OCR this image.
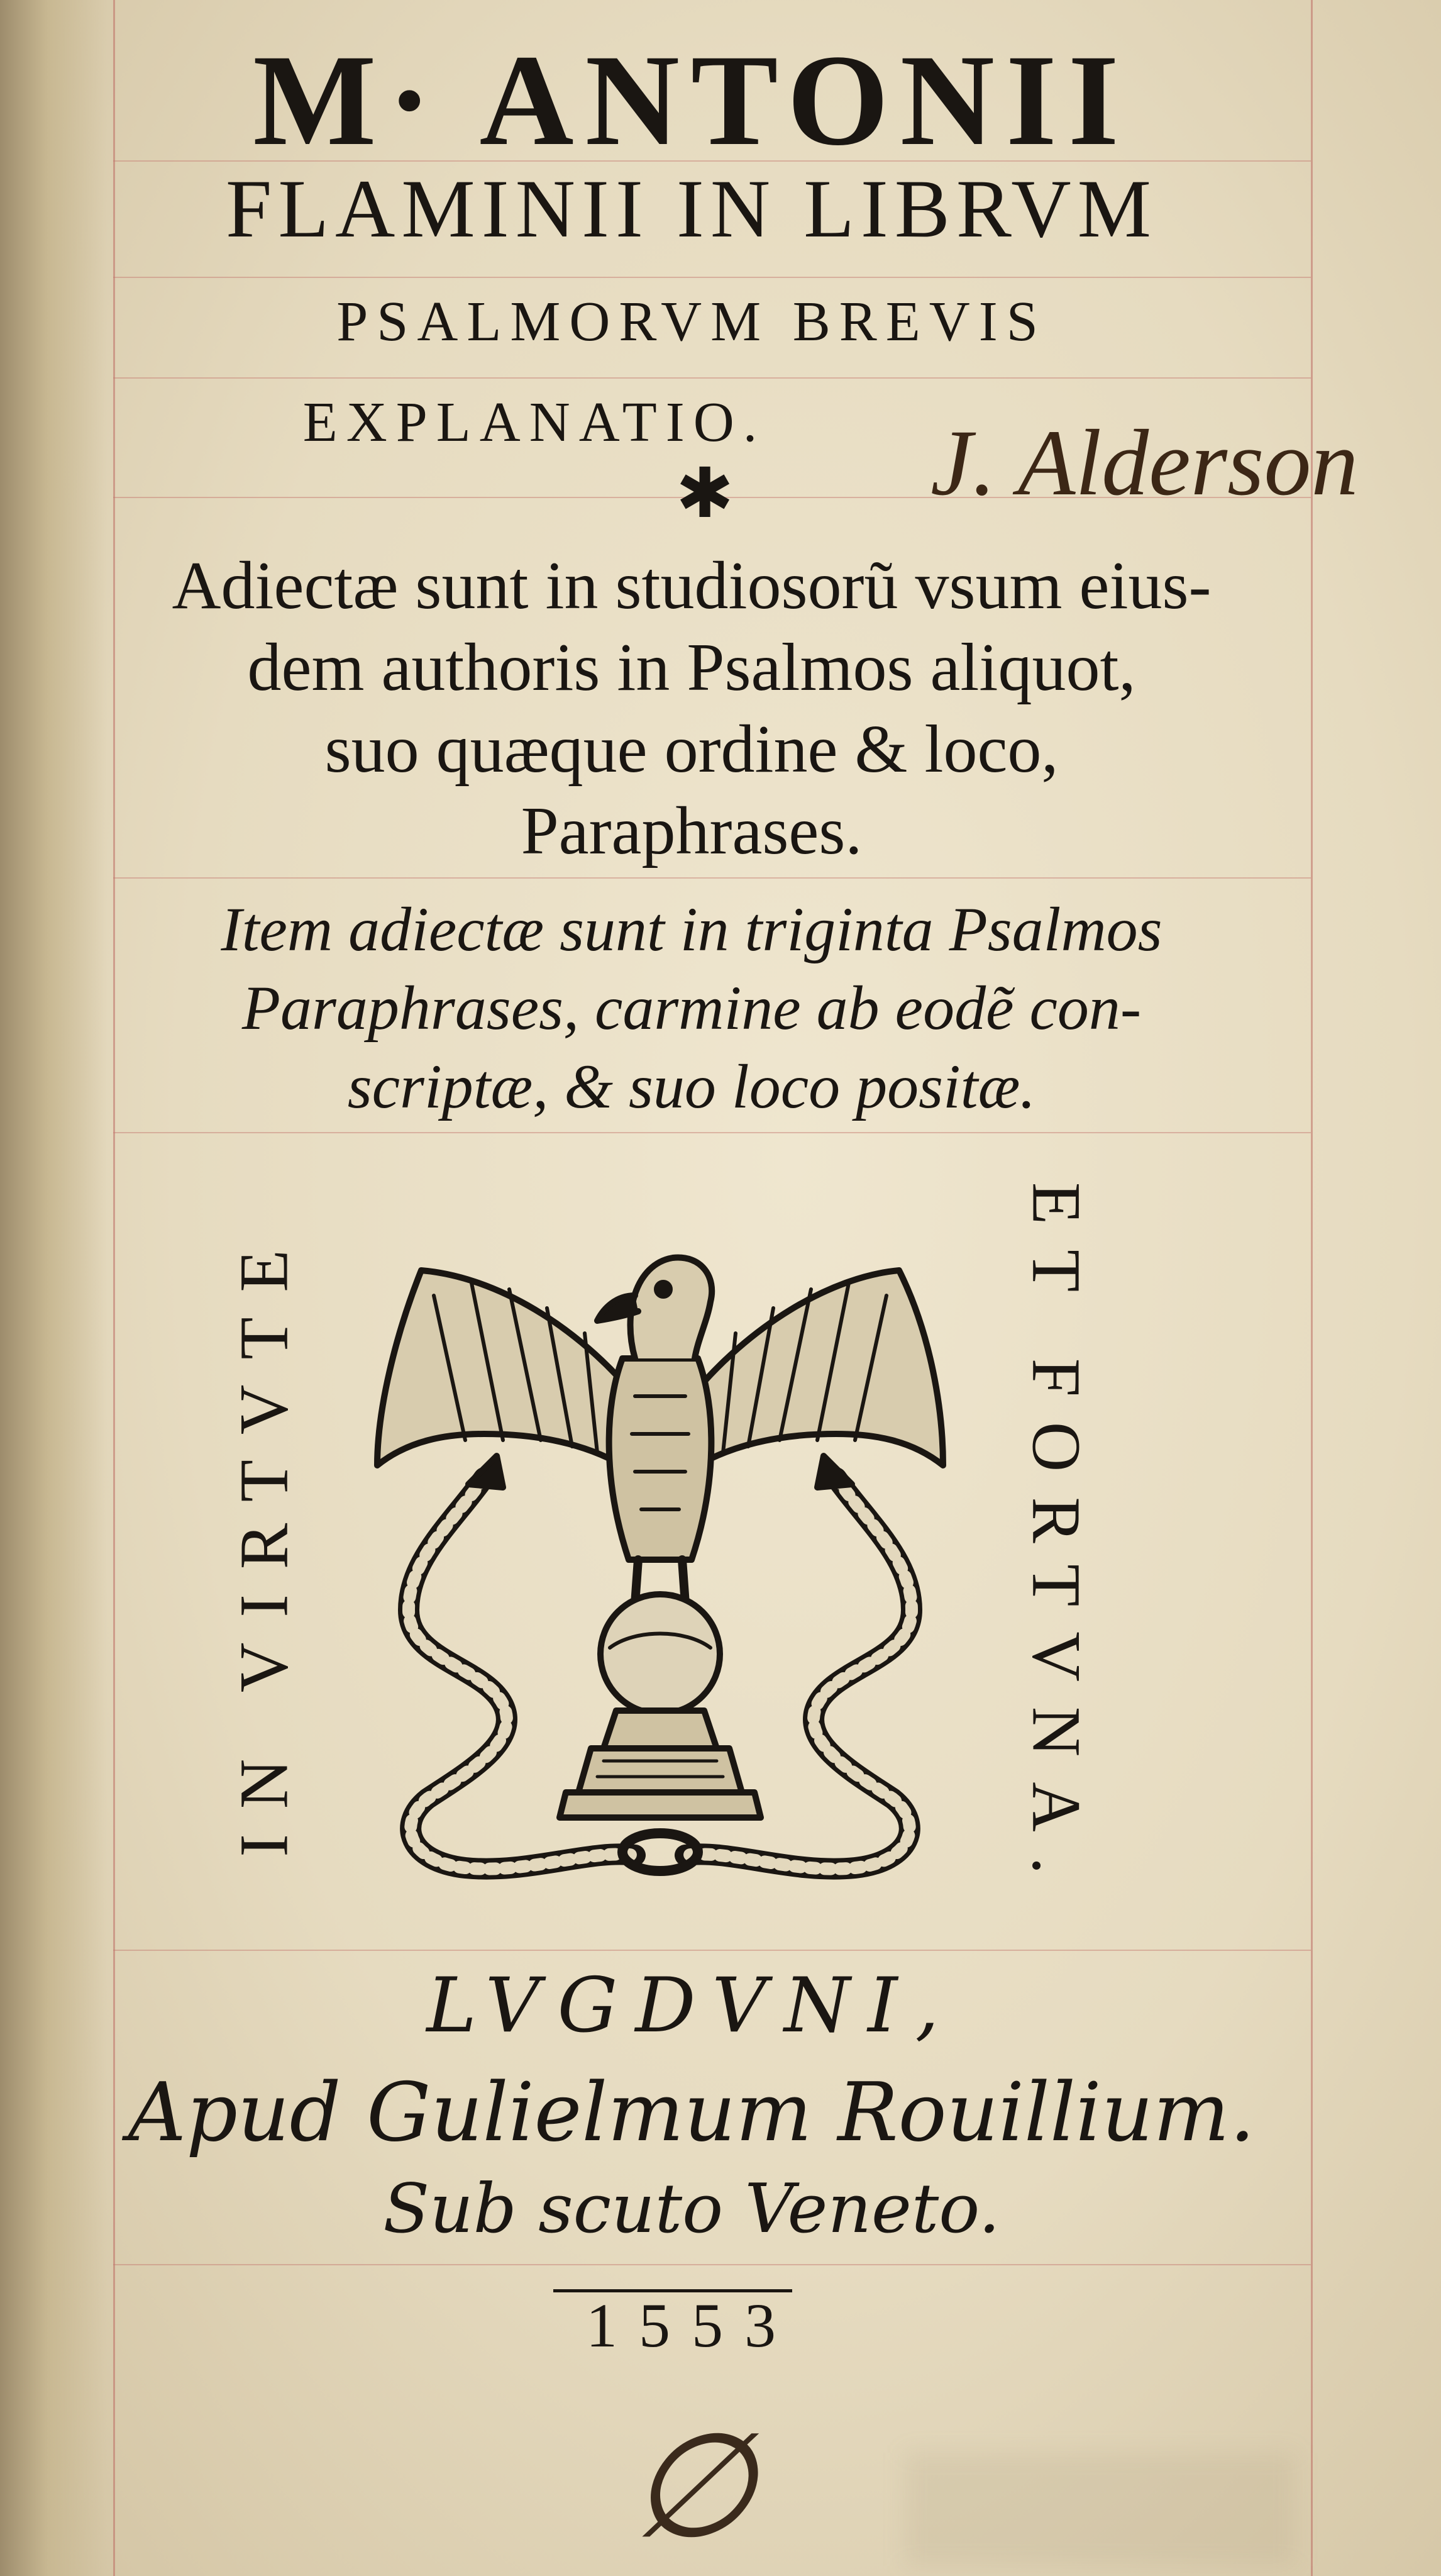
M· ANTONII
FLAMINII IN LIBRVM
PSALMORVM BREVIS
EXPLANATIO.
✱	J. Alderson
Adiectæ sunt in studiosorũ vsum eius-
dem authoris in Psalmos aliquot,
suo quæque ordine & loco,
Paraphrases.
Item adiectæ sunt in triginta Psalmos
Paraphrases, carmine ab eodẽ con-
scriptæ, & suo loco positæ.
IN VIRTVTE	ET FORTVNA.
LVGDVNI,
Apud Gulielmum Rouillium.
Sub scuto Veneto.
1553
∅
